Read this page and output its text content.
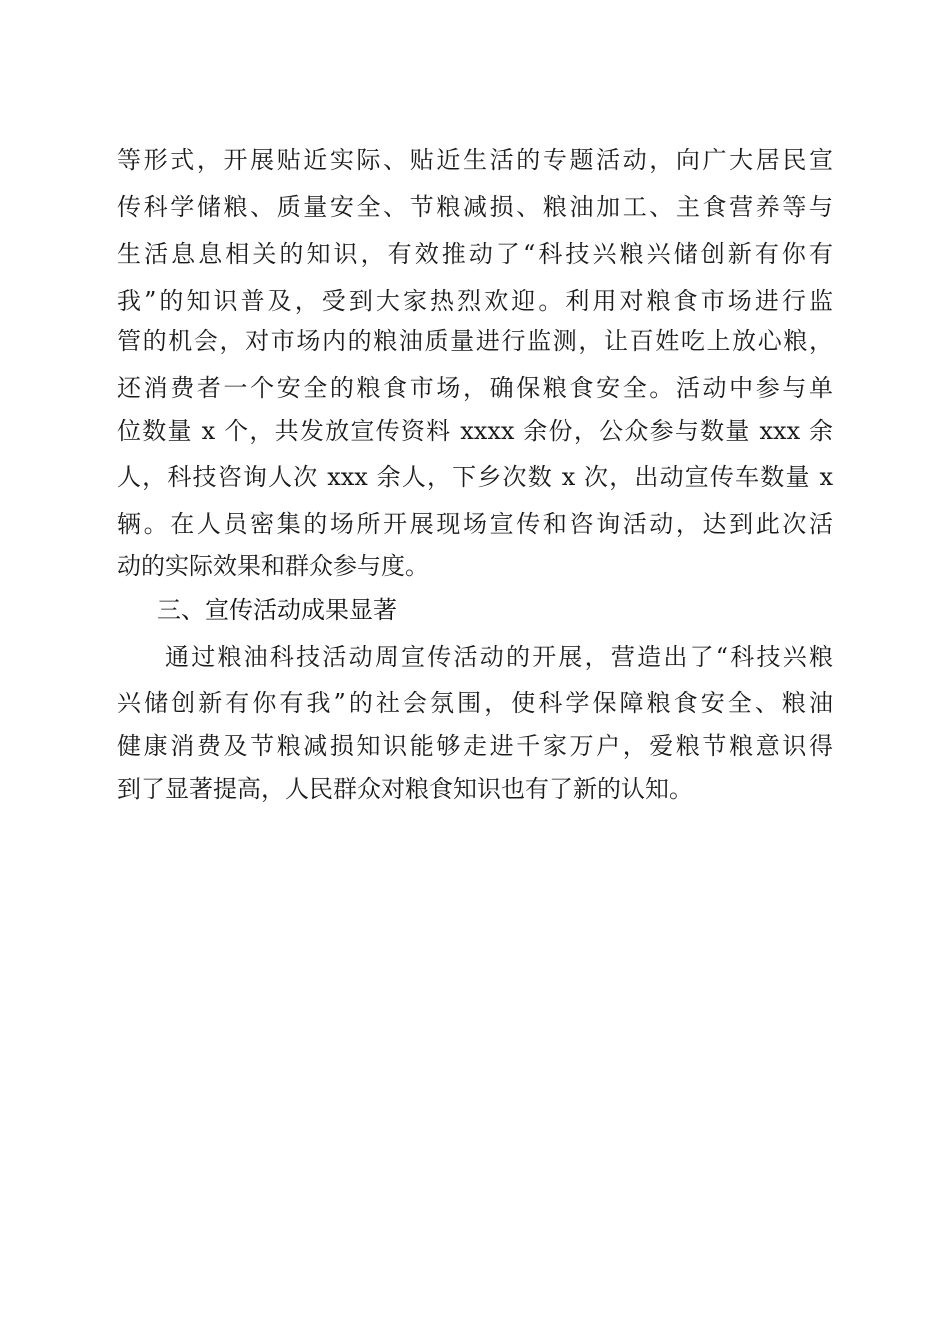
等形式，开展贴近实际、贴近生活的专题活动，向广大居民宣
传科学储粮、质量安全、节粮减损、粮油加工、主食营养等与
生活息息相关的知识，有效推动了“科技兴粮兴储创新有你有
我”的知识普及，受到大家热烈欢迎。利用对粮食市场进行监
管的机会，对市场内的粮油质量进行监测，让百姓吃上放心粮，
还消费者一个安全的粮食市场，确保粮食安全。活动中参与单
位数量 x 个，共发放宣传资料 xxxx 余份，公众参与数量 xxx 余
人，科技咨询人次 xxx 余人，下乡次数 x 次，出动宣传车数量 x
辆。在人员密集的场所开展现场宣传和咨询活动，达到此次活
动的实际效果和群众参与度。
三、宣传活动成果显著
通过粮油科技活动周宣传活动的开展，营造出了“科技兴粮
兴储创新有你有我”的社会氛围，使科学保障粮食安全、粮油
健康消费及节粮减损知识能够走进千家万户，爱粮节粮意识得
到了显著提高，人民群众对粮食知识也有了新的认知。
